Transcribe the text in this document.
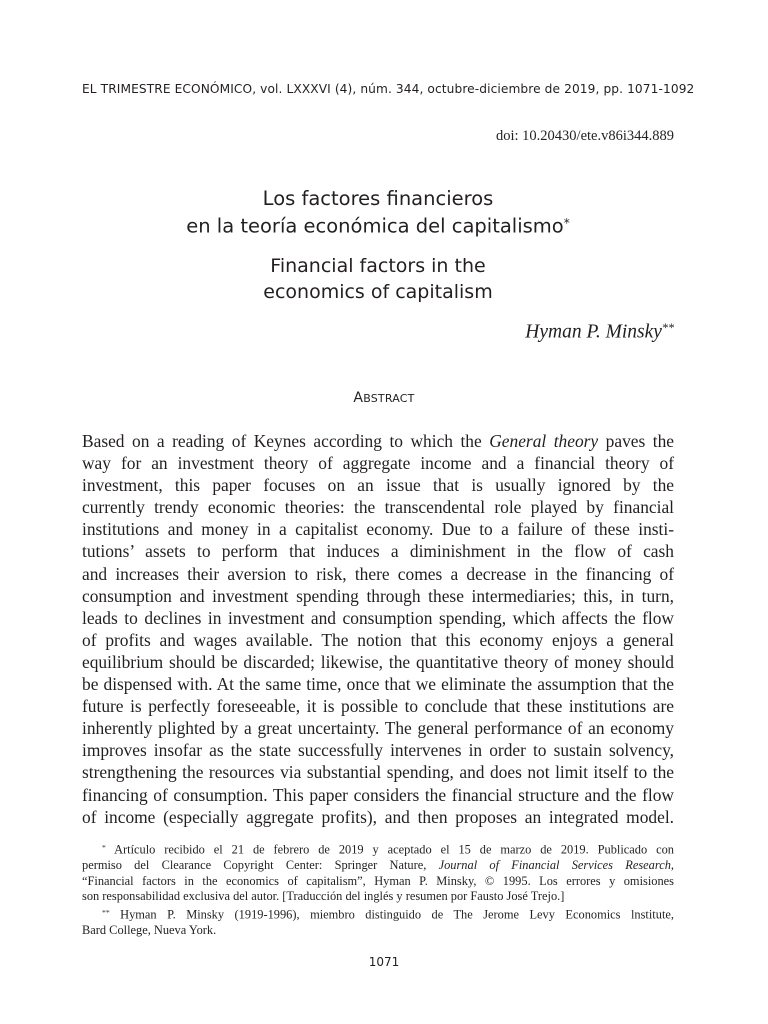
EL TRIMESTRE ECONÓMICO, vol. LXXXVI (4), núm. 344, octubre-diciembre de 2019, pp. 1071-1092
doi: 10.20430/ete.v86i344.889
Los factores financieros
en la teoría económica del capitalismo*
Financial factors in the
economics of capitalism
Hyman P. Minsky**
ABSTRACT
Based on a reading of Keynes according to which the General theory paves the
way for an investment theory of aggregate income and a financial theory of
investment, this paper focuses on an issue that is usually ignored by the
currently trendy economic theories: the transcendental role played by financial
institutions and money in a capitalist economy. Due to a failure of these insti-
tutions’ assets to perform that induces a diminishment in the flow of cash
and increases their aversion to risk, there comes a decrease in the financing of
consumption and investment spending through these intermediaries; this, in turn,
leads to declines in investment and consumption spending, which affects the flow
of profits and wages available. The notion that this economy enjoys a general
equilibrium should be discarded; likewise, the quantitative theory of money should
be dispensed with. At the same time, once that we eliminate the assumption that the
future is perfectly foreseeable, it is possible to conclude that these institutions are
inherently plighted by a great uncertainty. The general performance of an economy
improves insofar as the state successfully intervenes in order to sustain solvency,
strengthening the resources via substantial spending, and does not limit itself to the
financing of consumption. This paper considers the financial structure and the flow
of income (especially aggregate profits), and then proposes an integrated model.
* Artículo recibido el 21 de febrero de 2019 y aceptado el 15 de marzo de 2019. Publicado con
permiso del Clearance Copyright Center: Springer Nature, Journal of Financial Services Research,
“Financial factors in the economics of capitalism”, Hyman P. Minsky, © 1995. Los errores y omisiones
son responsabilidad exclusiva del autor. [Traducción del inglés y resumen por Fausto José Trejo.]
** Hyman P. Minsky (1919-1996), miembro distinguido de The Jerome Levy Economics lnstitute,
Bard College, Nueva York.
1071
